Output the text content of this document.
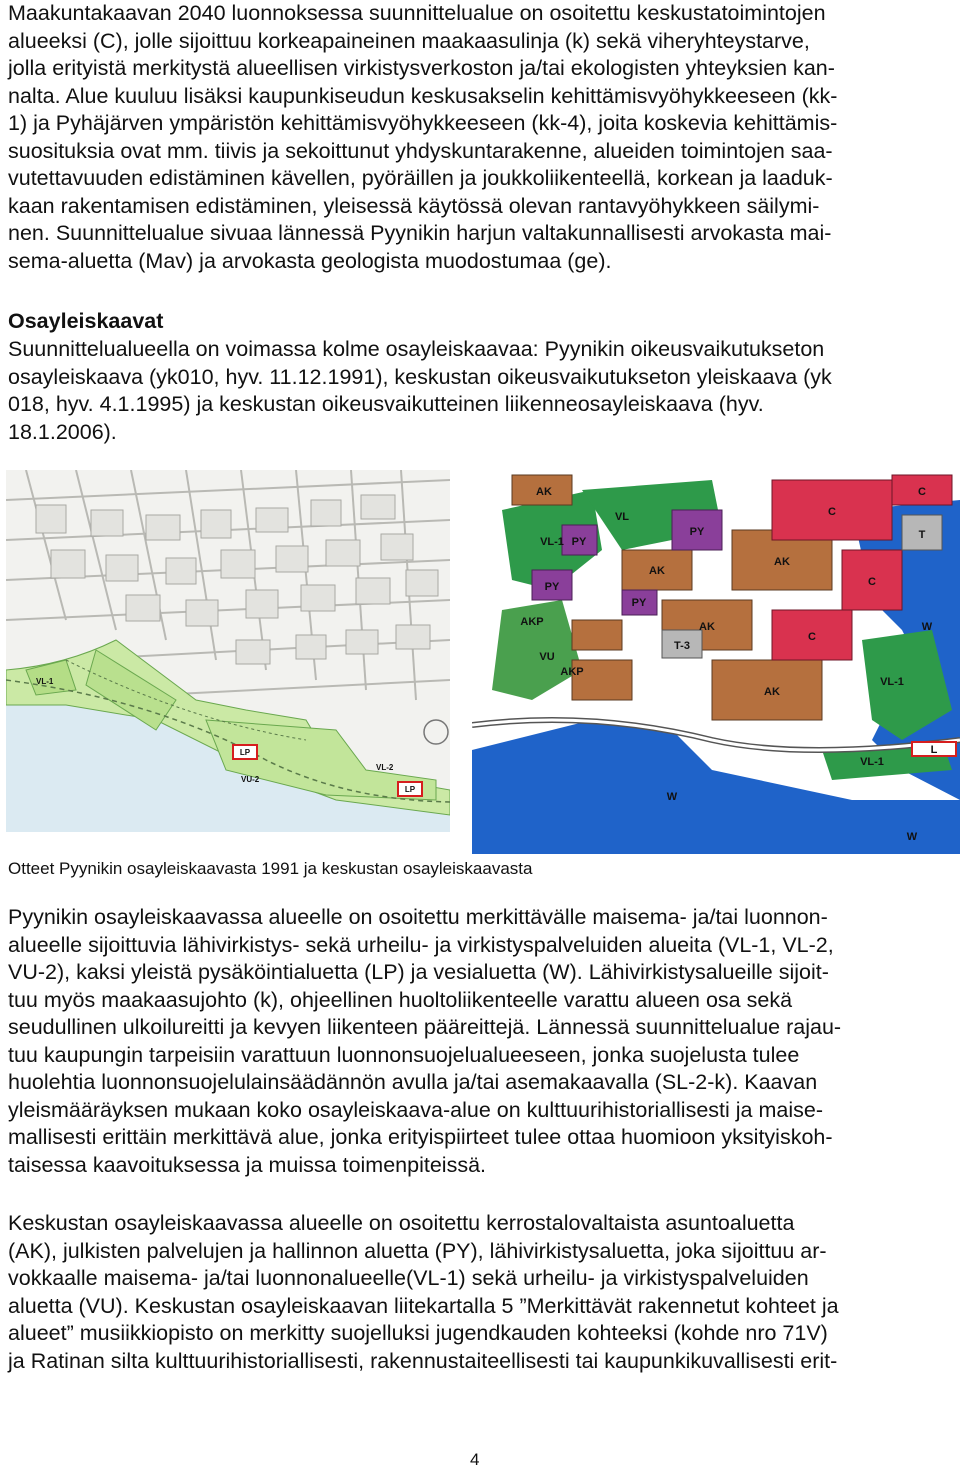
Maakuntakaavan 2040 luonnoksessa suunnittelualue on osoitettu keskustatoimintojen
alueeksi (C), jolle sijoittuu korkeapaineinen maakaasulinja (k) sekä viheryhteystarve,
jolla erityistä merkitystä alueellisen virkistysverkoston ja/tai ekologisten yhteyksien kan-
nalta. Alue kuuluu lisäksi kaupunkiseudun keskusakselin kehittämisvyöhykkeeseen (kk-
1) ja Pyhäjärven ympäristön kehittämisvyöhykkeeseen (kk-4), joita koskevia kehittämis-
suosituksia ovat mm. tiivis ja sekoittunut yhdyskuntarakenne, alueiden toimintojen saa-
vutettavuuden edistäminen kävellen, pyöräillen ja joukkoliikenteellä, korkean ja laaduk-
kaan rakentamisen edistäminen, yleisessä käytössä olevan rantavyöhykkeen säilymi-
nen. Suunnittelualue sivuaa lännessä Pyynikin harjun valtakunnallisesti arvokasta mai-
sema-aluetta (Mav) ja arvokasta geologista muodostumaa (ge).
Osayleiskaavat
Suunnittelualueella on voimassa kolme osayleiskaavaa: Pyynikin oikeusvaikutukseton
osayleiskaava (yk010, hyv. 11.12.1991), keskustan oikeusvaikutukseton yleiskaava (yk
018, hyv. 4.1.1995) ja keskustan oikeusvaikutteinen liikenneosayleiskaava (hyv.
18.1.2006).
LP
LP
VL-1
VL-2
VU-2
AK
AK
AK
AKP
AKP
AK
AK
VL
VL-1
VL-1
VL-1
VU
PY
PY
PY
PY
C
C
C
C
T
T-3
W
W
W
L
Otteet Pyynikin osayleiskaavasta 1991 ja keskustan osayleiskaavasta
Pyynikin osayleiskaavassa alueelle on osoitettu merkittävälle maisema- ja/tai luonnon-
alueelle sijoittuvia lähivirkistys- sekä urheilu- ja virkistyspalveluiden alueita (VL-1, VL-2,
VU-2), kaksi yleistä pysäköintialuetta (LP) ja vesialuetta (W). Lähivirkistysalueille sijoit-
tuu myös maakaasujohto (k), ohjeellinen huoltoliikenteelle varattu alueen osa sekä
seudullinen ulkoilureitti ja kevyen liikenteen pääreittejä. Lännessä suunnittelualue rajau-
tuu kaupungin tarpeisiin varattuun luonnonsuojelualueeseen, jonka suojelusta tulee
huolehtia luonnonsuojelulainsäädännön avulla ja/tai asemakaavalla (SL-2-k). Kaavan
yleismääräyksen mukaan koko osayleiskaava-alue on kulttuurihistoriallisesti ja maise-
mallisesti erittäin merkittävä alue, jonka erityispiirteet tulee ottaa huomioon yksityiskoh-
taisessa kaavoituksessa ja muissa toimenpiteissä.
Keskustan osayleiskaavassa alueelle on osoitettu kerrostalovaltaista asuntoaluetta
(AK), julkisten palvelujen ja hallinnon aluetta (PY), lähivirkistysaluetta, joka sijoittuu ar-
vokkaalle maisema- ja/tai luonnonalueelle(VL-1) sekä urheilu- ja virkistyspalveluiden
aluetta (VU). Keskustan osayleiskaavan liitekartalla 5 ”Merkittävät rakennetut kohteet ja
alueet” musiikkiopisto on merkitty suojelluksi jugendkauden kohteeksi (kohde nro 71V)
ja Ratinan silta kulttuurihistoriallisesti, rakennustaiteellisesti tai kaupunkikuvallisesti erit-
4
